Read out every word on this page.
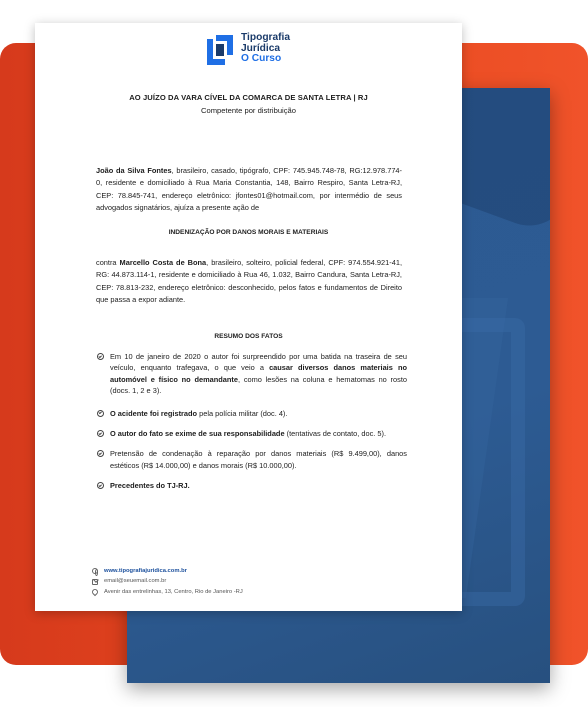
Tipografia
Jurídica
O Curso
AO JUÍZO DA VARA CÍVEL DA COMARCA DE SANTA LETRA | RJ
Competente por distribuição
João da Silva Fontes, brasileiro, casado, tipógrafo, CPF: 745.945.748-78, RG:12.978.774-0, residente e domiciliado à Rua Maria Constantia, 148, Bairro Respiro, Santa Letra-RJ, CEP: 78.845-741, endereço eletrônico: jfontes01@hotmail.com, por intermédio de seus advogados signatários, ajuíza a presente ação de
INDENIZAÇÃO POR DANOS MORAIS E MATERIAIS
contra Marcello Costa de Bona, brasileiro, solteiro, policial federal, CPF: 974.554.921-41, RG: 44.873.114-1, residente e domiciliado à Rua 46, 1.032, Bairro Candura, Santa Letra-RJ, CEP: 78.813-232, endereço eletrônico: desconhecido, pelos fatos e fundamentos de Direito que passa a expor adiante.
RESUMO DOS FATOS
Em 10 de janeiro de 2020 o autor foi surpreendido por uma batida na traseira de seu veículo, enquanto trafegava, o que veio a causar diversos danos materiais no automóvel e físico no demandante, como lesões na coluna e hematomas no rosto (docs. 1, 2 e 3).
O acidente foi registrado pela polícia militar (doc. 4).
O autor do fato se exime de sua responsabilidade (tentativas de contato, doc. 5).
Pretensão de condenação à reparação por danos materiais (R$ 9.499,00), danos estéticos (R$ 14.000,00) e danos morais (R$ 10.000,00).
Precedentes do TJ-RJ.
www.tipografiajuridica.com.br
email@seuemail.com.br
Avenir das entrelinhas, 13, Centro, Rio de Janeiro -RJ
